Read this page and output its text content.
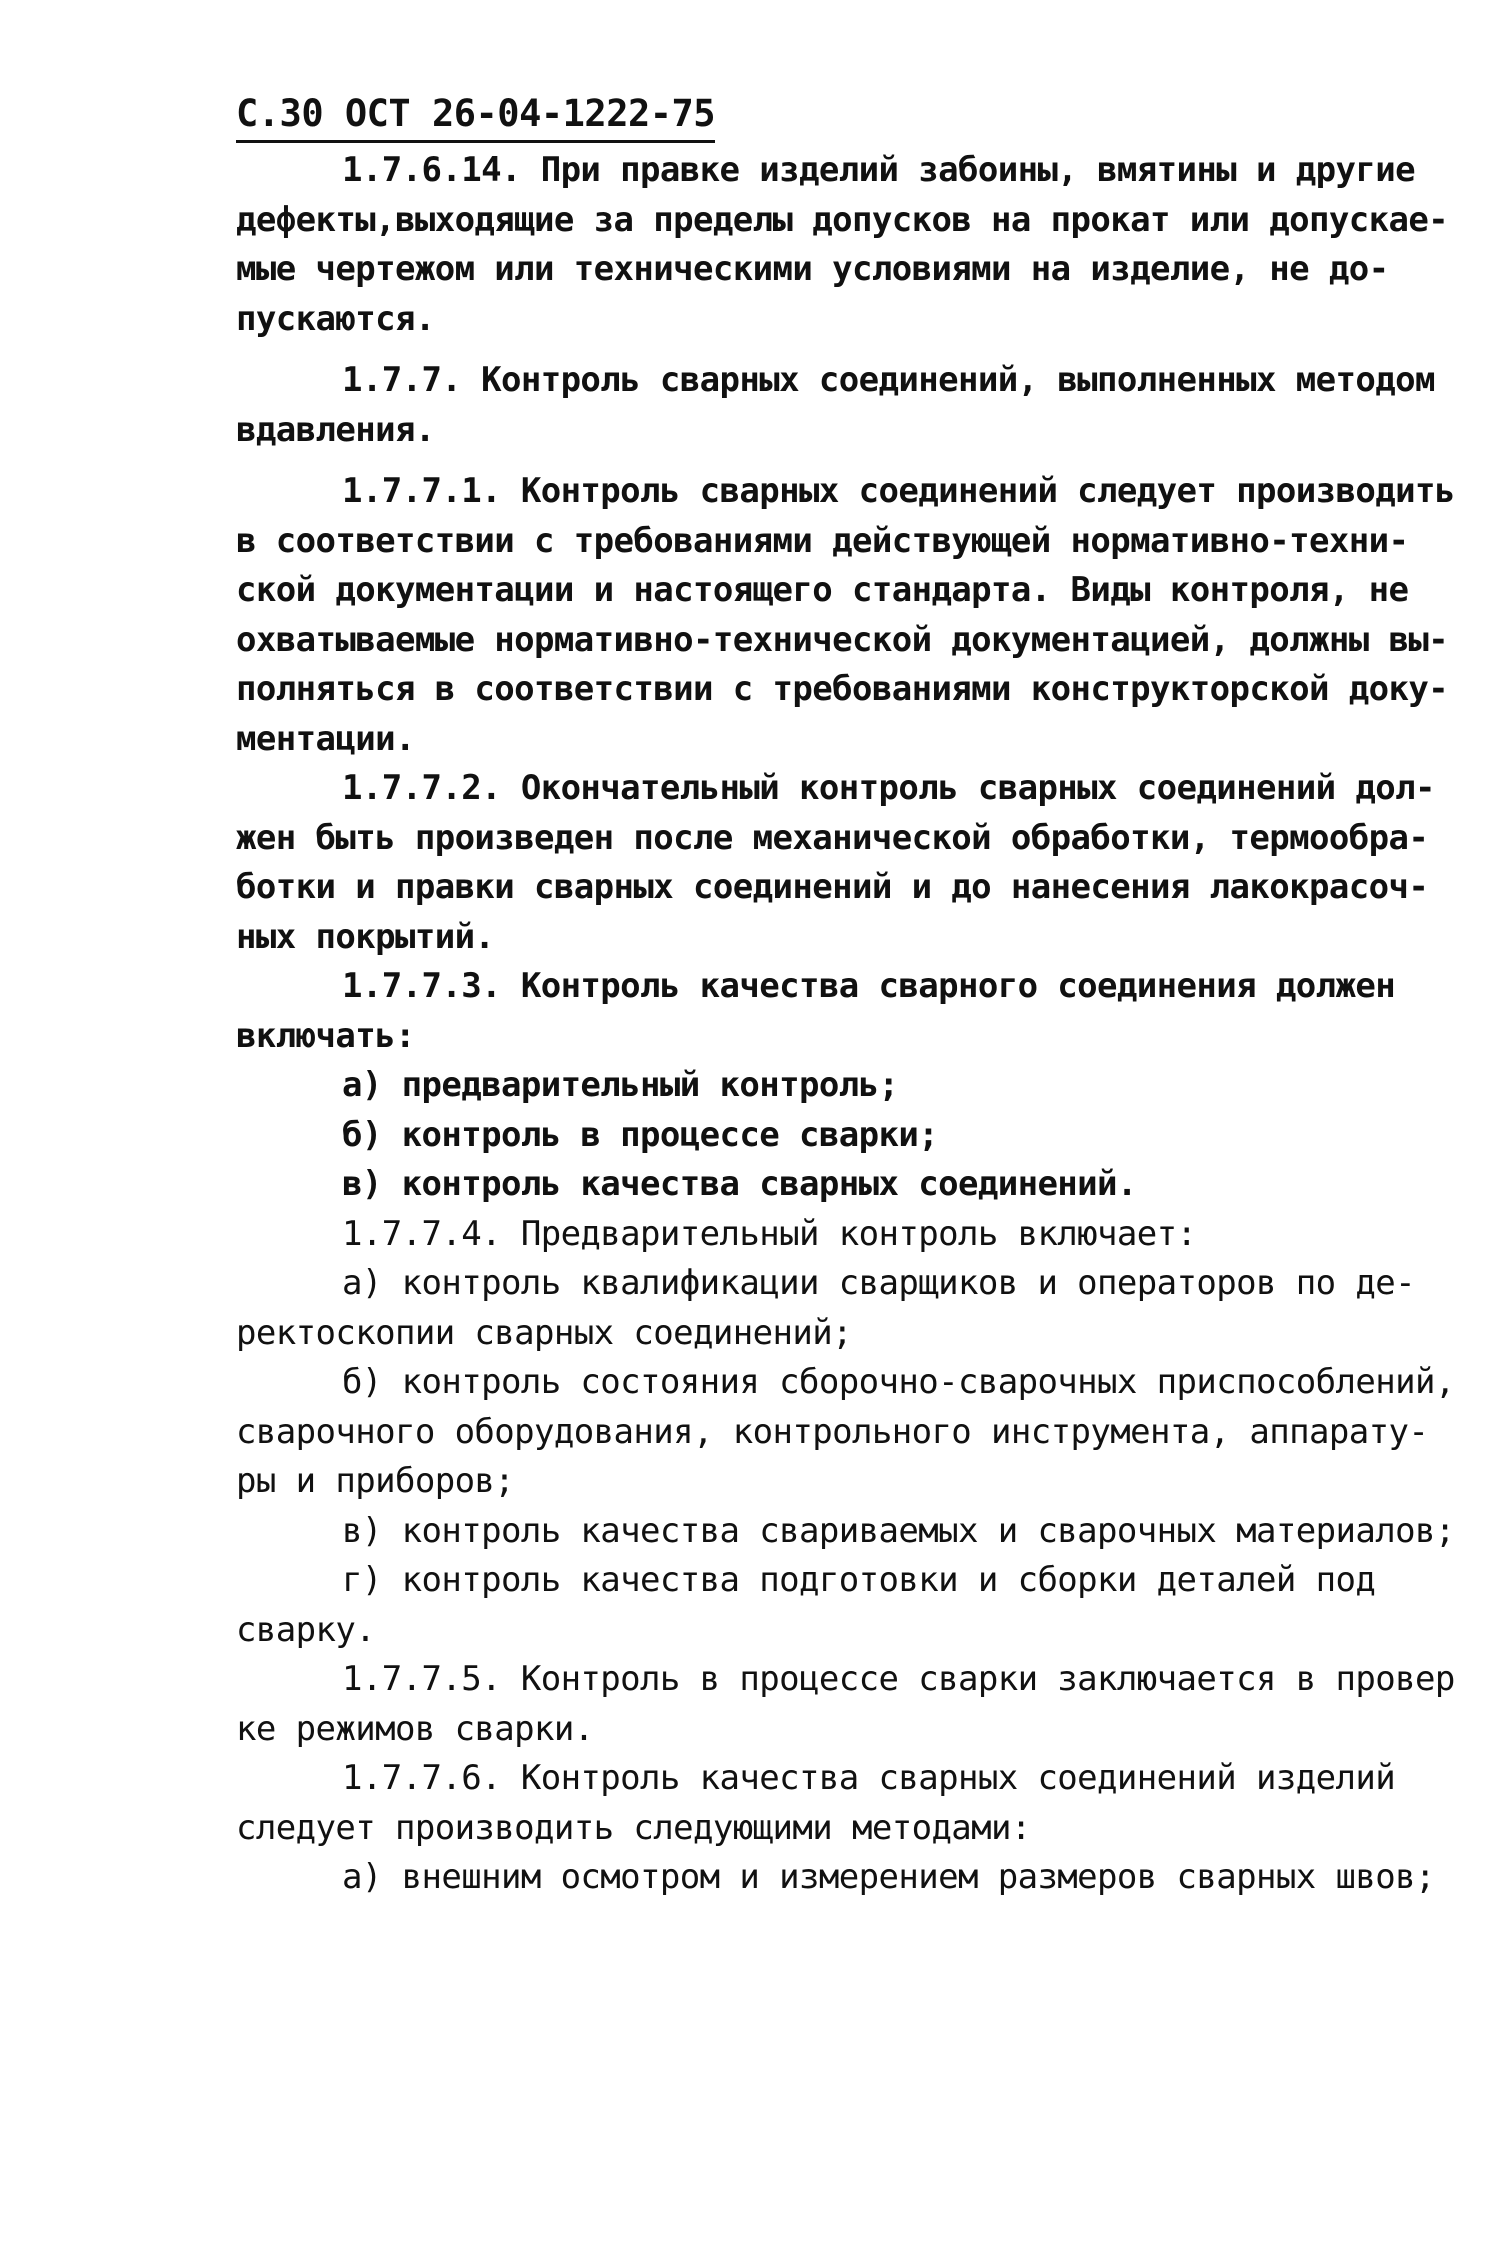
С.30 ОСТ 26-04-1222-75
1.7.6.14. При правке изделий забоины, вмятины и другие
дефекты,выходящие за пределы допусков на прокат или допускае-
мые чертежом или техническими условиями на изделие, не до-
пускаются.
1.7.7. Контроль сварных соединений, выполненных методом
вдавления.
1.7.7.1. Контроль сварных соединений следует производить
в соответствии с требованиями действующей нормативно-техни-
ской документации и настоящего стандарта. Виды контроля, не
охватываемые нормативно-технической документацией, должны вы-
полняться в соответствии с требованиями конструкторской доку-
ментации.
1.7.7.2. Окончательный контроль сварных соединений дол-
жен быть произведен после механической обработки, термообра-
ботки и правки сварных соединений и до нанесения лакокрасоч-
ных покрытий.
1.7.7.3. Контроль качества сварного соединения должен
включать:
а) предварительный контроль;
б) контроль в процессе сварки;
в) контроль качества сварных соединений.
1.7.7.4. Предварительный контроль включает:
а) контроль квалификации сварщиков и операторов по де-
ректоскопии сварных соединений;
б) контроль состояния сборочно-сварочных приспособлений,
сварочного оборудования, контрольного инструмента, аппарату-
ры и приборов;
в) контроль качества свариваемых и сварочных материалов;
г) контроль качества подготовки и сборки деталей под
сварку.
1.7.7.5. Контроль в процессе сварки заключается в провер
ке режимов сварки.
1.7.7.6. Контроль качества сварных соединений изделий
следует производить следующими методами:
а) внешним осмотром и измерением размеров сварных швов;
